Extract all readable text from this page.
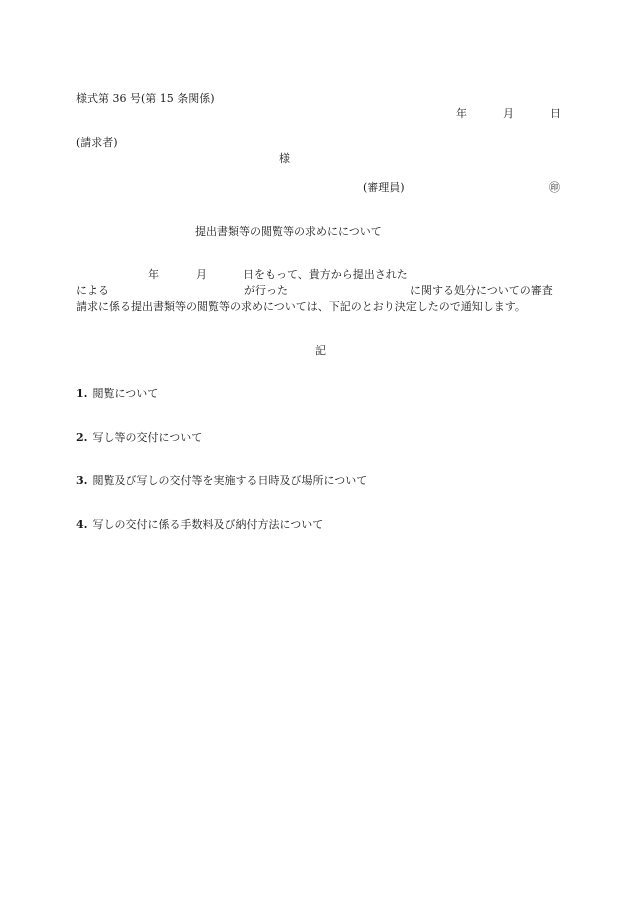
様式第 36 号(第 15 条関係)
年	月	日
(請求者)
様
(審理員)	㊞
提出書類等の閲覧等の求めにについて
年	月	日をもって、貴方から提出された
による	が行った	に関する処分についての審査
請求に係る提出書類等の閲覧等の求めについては、下記のとおり決定したので通知します。
記
1. 閲覧について
2. 写し等の交付について
3. 閲覧及び写しの交付等を実施する日時及び場所について
4. 写しの交付に係る手数料及び納付方法について
